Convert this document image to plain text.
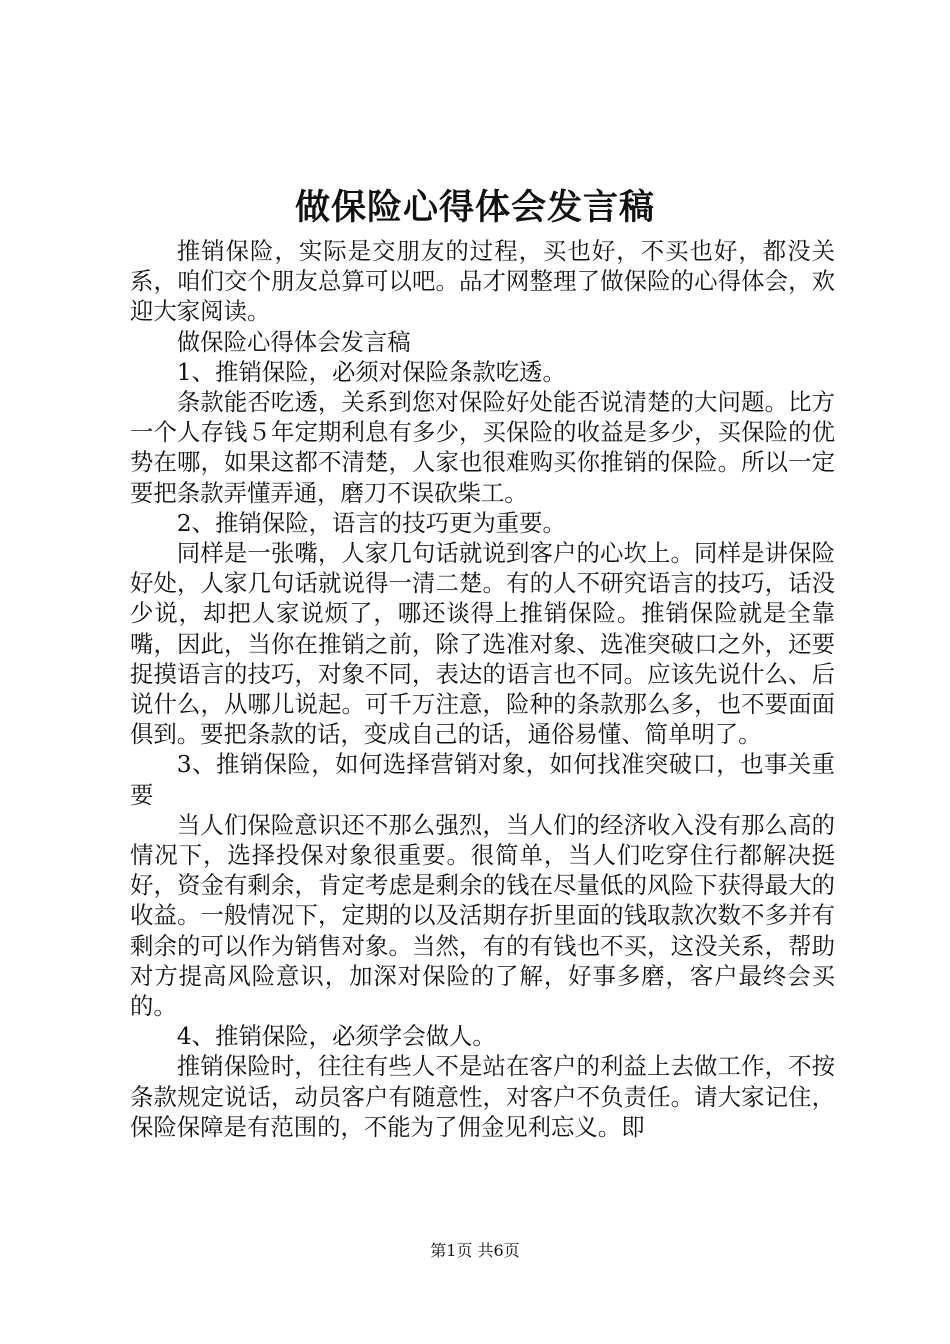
做保险心得体会发言稿

推销保险，实际是交朋友的过程，买也好，不买也好，都没关系，咱们交个朋友总算可以吧。品才网整理了做保险的心得体会，欢迎大家阅读。

做保险心得体会发言稿

1、推销保险，必须对保险条款吃透。

条款能否吃透，关系到您对保险好处能否说清楚的大问题。比方一个人存钱５年定期利息有多少，买保险的收益是多少，买保险的优势在哪，如果这都不清楚，人家也很难购买你推销的保险。所以一定要把条款弄懂弄通，磨刀不误砍柴工。

2、推销保险，语言的技巧更为重要。

同样是一张嘴，人家几句话就说到客户的心坎上。同样是讲保险好处，人家几句话就说得一清二楚。有的人不研究语言的技巧，话没少说，却把人家说烦了，哪还谈得上推销保险。推销保险就是全靠嘴，因此，当你在推销之前，除了选准对象、选准突破口之外，还要捉摸语言的技巧，对象不同，表达的语言也不同。应该先说什么、后说什么，从哪儿说起。可千万注意，险种的条款那么多，也不要面面俱到。要把条款的话，变成自己的话，通俗易懂、简单明了。

3、推销保险，如何选择营销对象，如何找准突破口，也事关重要

当人们保险意识还不那么强烈，当人们的经济收入没有那么高的情况下，选择投保对象很重要。很简单，当人们吃穿住行都解决挺好，资金有剩余，肯定考虑是剩余的钱在尽量低的风险下获得最大的收益。一般情况下，定期的以及活期存折里面的钱取款次数不多并有剩余的可以作为销售对象。当然，有的有钱也不买，这没关系，帮助对方提高风险意识，加深对保险的了解，好事多磨，客户最终会买的。

4、推销保险，必须学会做人。

推销保险时，往往有些人不是站在客户的利益上去做工作，不按条款规定说话，动员客户有随意性，对客户不负责任。请大家记住，保险保障是有范围的，不能为了佣金见利忘义。即

第1页 共6页
